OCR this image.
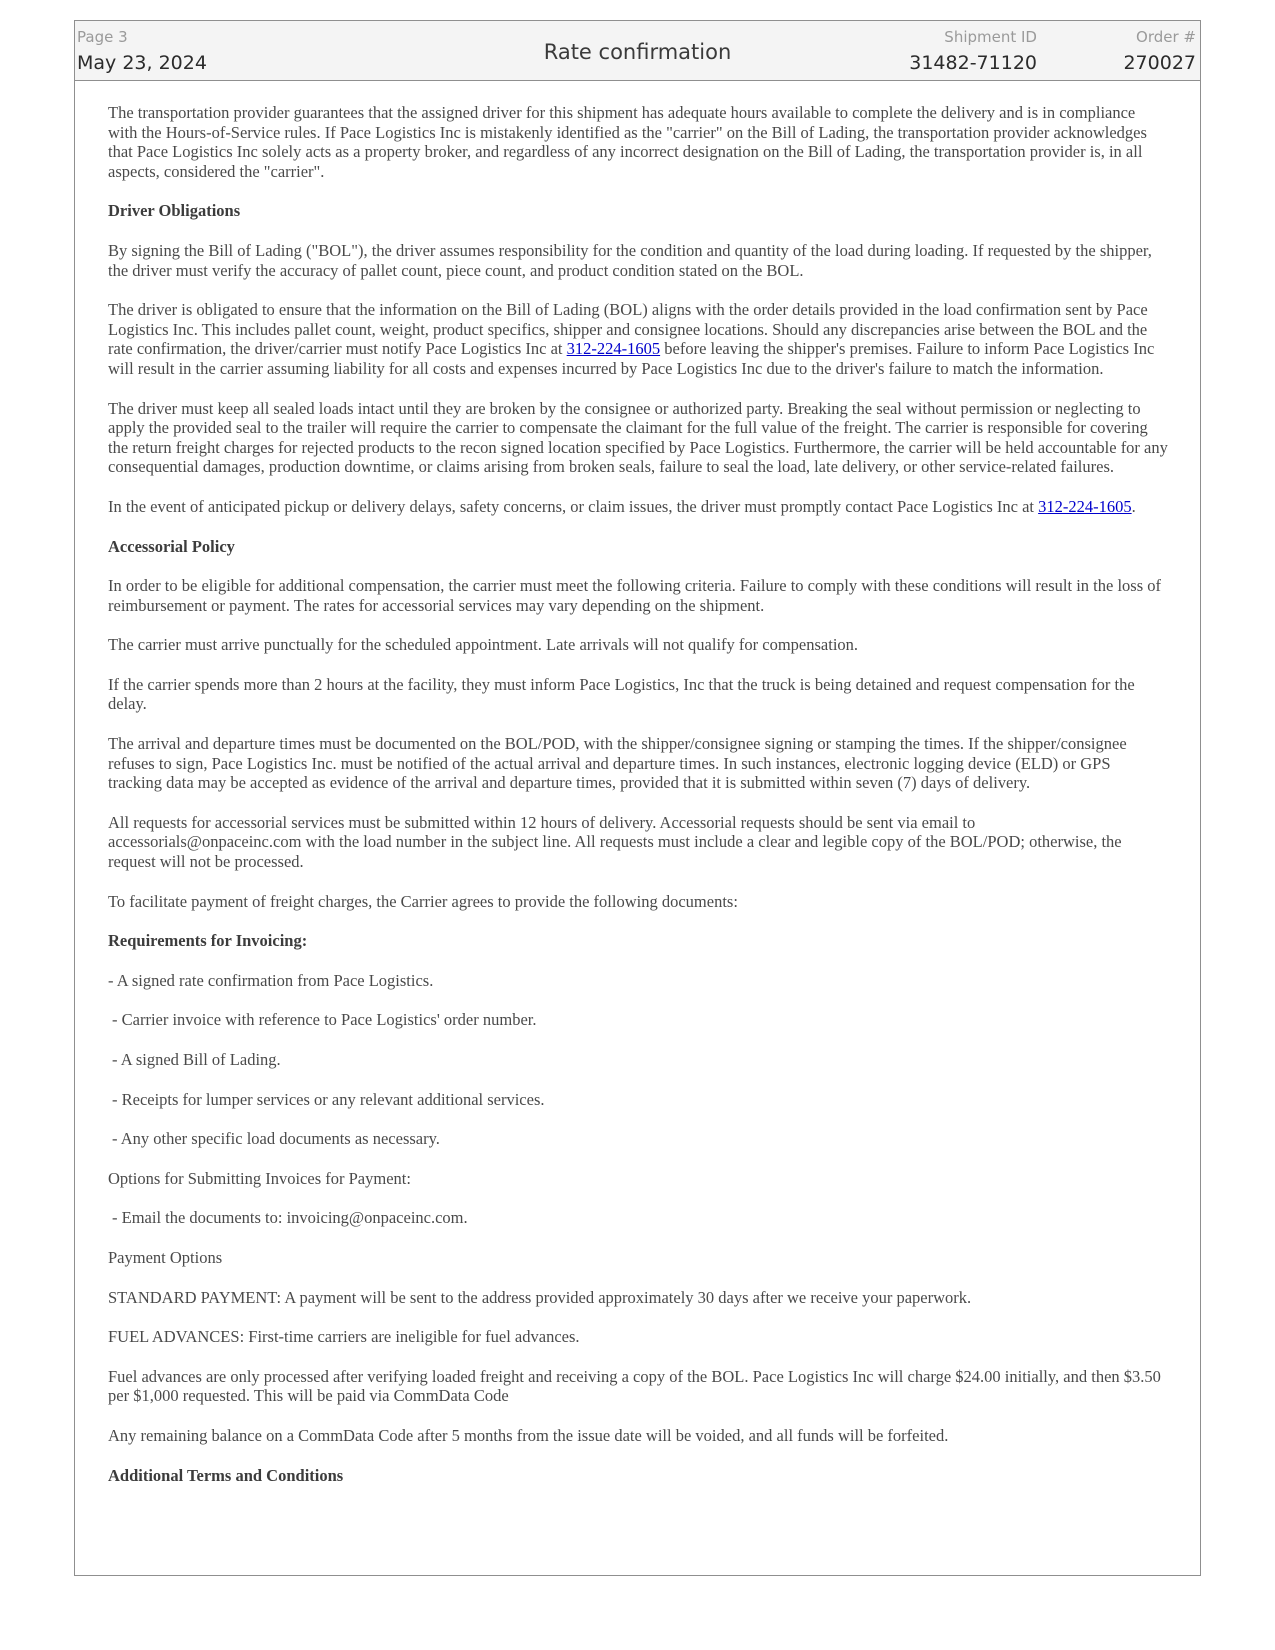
Page 3
May 23, 2024	Rate confirmation
Shipment ID
31482-71120
Order #
270027

The transportation provider guarantees that the assigned driver for this shipment has adequate hours available to complete the delivery and is in compliance with the Hours-of-Service rules. If Pace Logistics Inc is mistakenly identified as the "carrier" on the Bill of Lading, the transportation provider acknowledges that Pace Logistics Inc solely acts as a property broker, and regardless of any incorrect designation on the Bill of Lading, the transportation provider is, in all aspects, considered the "carrier".

Driver Obligations

By signing the Bill of Lading ("BOL"), the driver assumes responsibility for the condition and quantity of the load during loading. If requested by the shipper, the driver must verify the accuracy of pallet count, piece count, and product condition stated on the BOL.

The driver is obligated to ensure that the information on the Bill of Lading (BOL) aligns with the order details provided in the load confirmation sent by Pace Logistics Inc. This includes pallet count, weight, product specifics, shipper and consignee locations. Should any discrepancies arise between the BOL and the rate confirmation, the driver/carrier must notify Pace Logistics Inc at 312-224-1605 before leaving the shipper's premises. Failure to inform Pace Logistics Inc will result in the carrier assuming liability for all costs and expenses incurred by Pace Logistics Inc due to the driver's failure to match the information.

The driver must keep all sealed loads intact until they are broken by the consignee or authorized party. Breaking the seal without permission or neglecting to apply the provided seal to the trailer will require the carrier to compensate the claimant for the full value of the freight. The carrier is responsible for covering the return freight charges for rejected products to the recon signed location specified by Pace Logistics. Furthermore, the carrier will be held accountable for any consequential damages, production downtime, or claims arising from broken seals, failure to seal the load, late delivery, or other service-related failures.

In the event of anticipated pickup or delivery delays, safety concerns, or claim issues, the driver must promptly contact Pace Logistics Inc at 312-224-1605.

Accessorial Policy

In order to be eligible for additional compensation, the carrier must meet the following criteria. Failure to comply with these conditions will result in the loss of reimbursement or payment. The rates for accessorial services may vary depending on the shipment.

The carrier must arrive punctually for the scheduled appointment. Late arrivals will not qualify for compensation.

If the carrier spends more than 2 hours at the facility, they must inform Pace Logistics, Inc that the truck is being detained and request compensation for the delay.

The arrival and departure times must be documented on the BOL/POD, with the shipper/consignee signing or stamping the times. If the shipper/consignee refuses to sign, Pace Logistics Inc. must be notified of the actual arrival and departure times. In such instances, electronic logging device (ELD) or GPS tracking data may be accepted as evidence of the arrival and departure times, provided that it is submitted within seven (7) days of delivery.

All requests for accessorial services must be submitted within 12 hours of delivery. Accessorial requests should be sent via email to accessorials@onpaceinc.com with the load number in the subject line. All requests must include a clear and legible copy of the BOL/POD; otherwise, the request will not be processed.

To facilitate payment of freight charges, the Carrier agrees to provide the following documents:

Requirements for Invoicing:

- A signed rate confirmation from Pace Logistics.

- Carrier invoice with reference to Pace Logistics' order number.

- A signed Bill of Lading.

- Receipts for lumper services or any relevant additional services.

- Any other specific load documents as necessary.

Options for Submitting Invoices for Payment:

- Email the documents to: invoicing@onpaceinc.com.

Payment Options

STANDARD PAYMENT: A payment will be sent to the address provided approximately 30 days after we receive your paperwork.

FUEL ADVANCES: First-time carriers are ineligible for fuel advances.

Fuel advances are only processed after verifying loaded freight and receiving a copy of the BOL. Pace Logistics Inc will charge $24.00 initially, and then $3.50 per $1,000 requested. This will be paid via CommData Code

Any remaining balance on a CommData Code after 5 months from the issue date will be voided, and all funds will be forfeited.

Additional Terms and Conditions
